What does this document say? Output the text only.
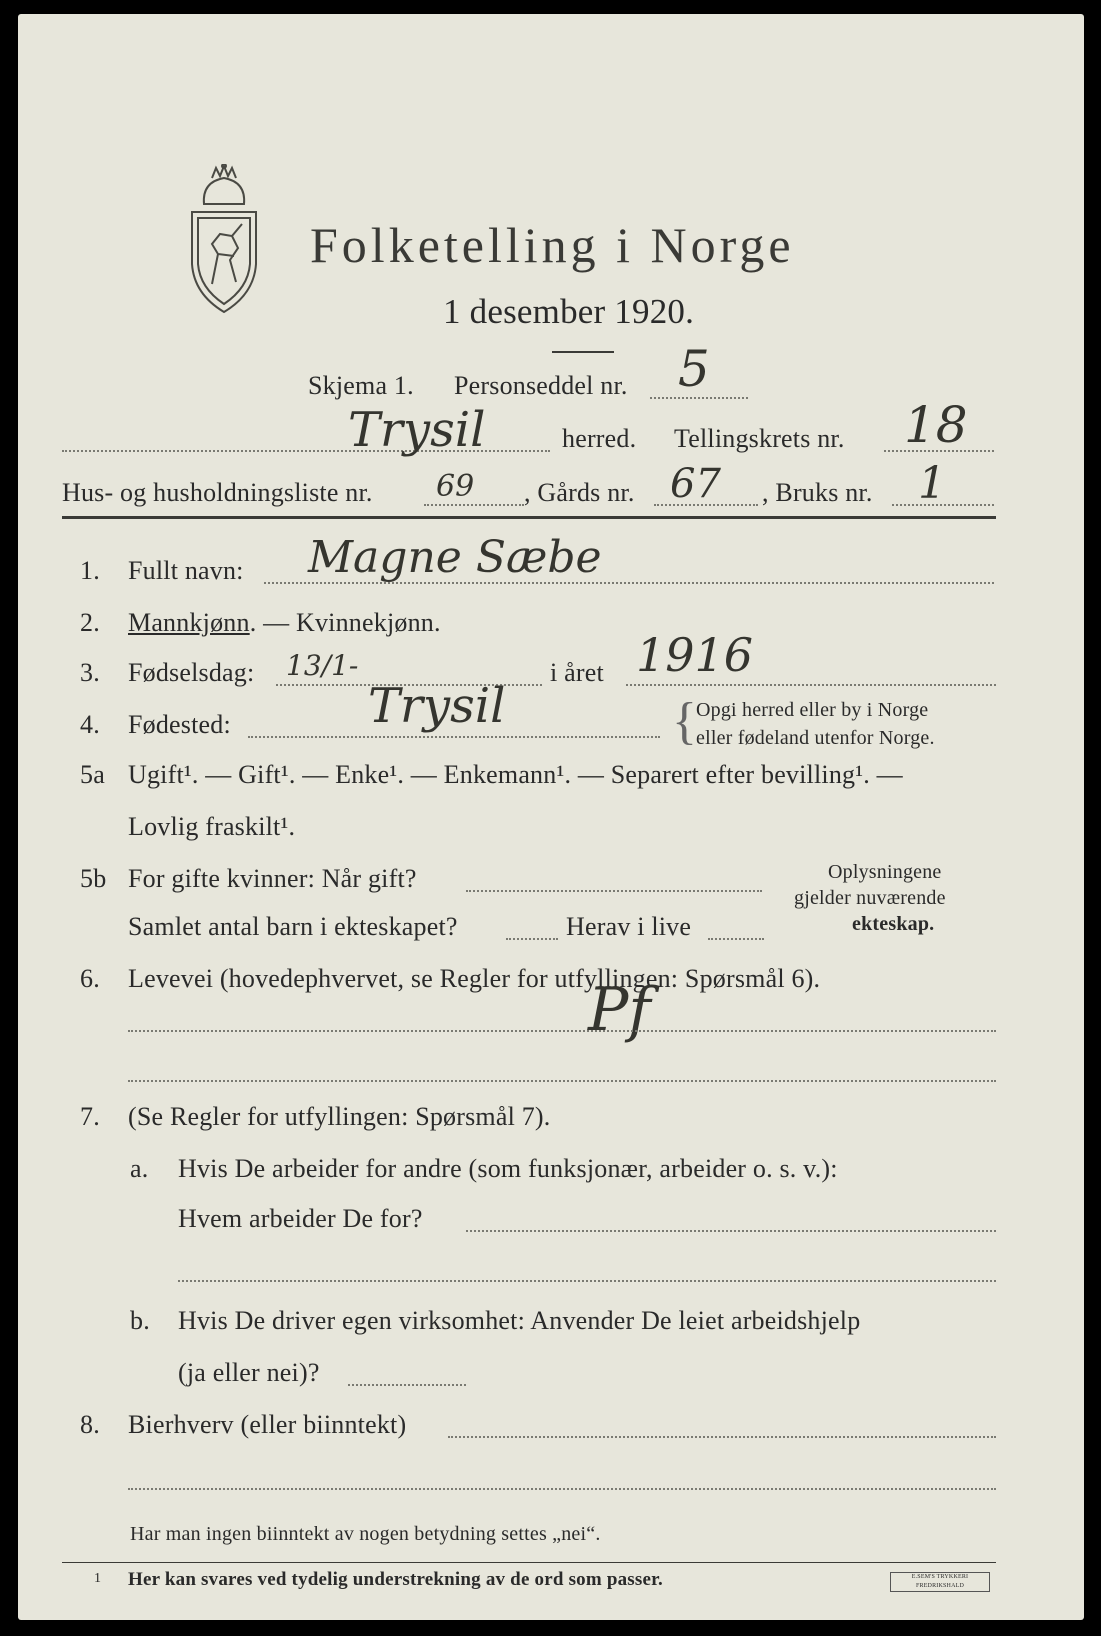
Folketelling i Norge
1 desember 1920.
Skjema 1. Personseddel nr. 5
Trysil	herred. Tellingskrets nr. 18
Hus- og husholdningsliste nr. 69 , Gårds nr. 67 , Bruks nr. 1
1. Fullt navn: Magne Sæbe
2. Mannkjønn. — Kvinnekjønn.
3. Fødselsdag: 13/1-	i året 1916
4. Fødested:	Trysil	{
Opgi herred eller by i Norge
eller fødeland utenfor Norge.
5a Ugift¹. — Gift¹. — Enke¹. — Enkemann¹. — Separert efter bevilling¹. —
Lovlig fraskilt¹.
5b For gifte kvinner: Når gift?
Samlet antal barn i ekteskapet?	Herav i live
Oplysningene
gjelder nuværende
ekteskap.
6. Levevei (hovedерhvervet, se Regler for utfyllingen: Spørsmål 6).
Pf
7. (Se Regler for utfyllingen: Spørsmål 7).
a. Hvis De arbeider for andre (som funksjonær, arbeider o. s. v.):
Hvem arbeider De for?
b. Hvis De driver egen virksomhet: Anvender De leiet arbeidshjelp
(ja eller nei)?
8. Bierhverv (eller biinntekt)
Har man ingen biinntekt av nogen betydning settes „nei“.
1 Her kan svares ved tydelig understrekning av de ord som passer.	E.SEM'S TRYKKERI FREDRIKSHALD
